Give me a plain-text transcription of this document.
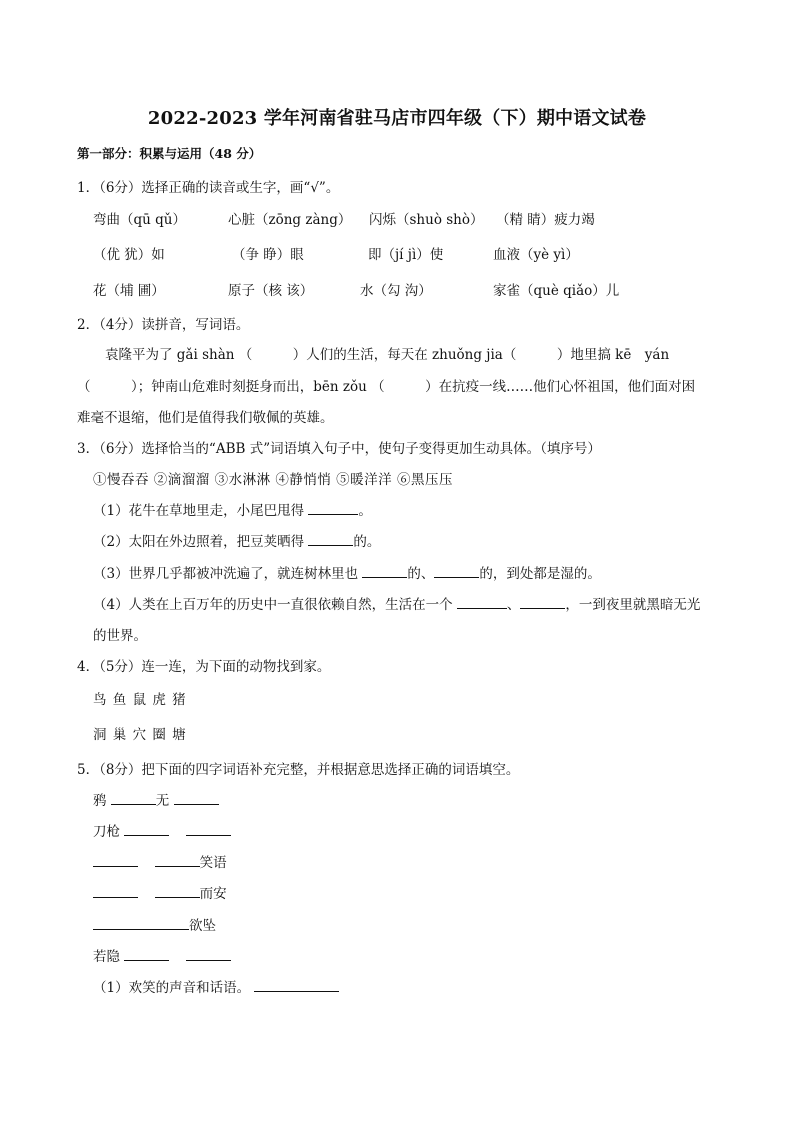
2022-2023 学年河南省驻马店市四年级（下）期中语文试卷
第一部分：积累与运用（48 分）
1．（6分）选择正确的读音或生字，画“√”。
弯曲（qū qǔ）	心脏（zōng zàng） 闪烁（shuò shò） （精 睛）疲力竭
（优 犹）如	（争 睁）眼	即（jí jì）使	血液（yè yì）
花（埔 圃）	原子（核 该）	水（勾 沟）	家雀（què qiǎo）儿
2．（4分）读拼音，写词语。
袁隆平为了 gǎi shàn （　　　）人们的生活，每天在 zhuǒng jia（　　　）地里搞 kē　yán
（　　　）；钟南山危难时刻挺身而出，bēn zǒu （　　　）在抗疫一线……他们心怀祖国，他们面对困
难毫不退缩，他们是值得我们敬佩的英雄。
3．（6分）选择恰当的“ABB 式”词语填入句子中，使句子变得更加生动具体。（填序号）
①慢吞吞 ②滴溜溜 ③水淋淋 ④静悄悄 ⑤暖洋洋 ⑥黑压压
（1）花牛在草地里走，小尾巴甩得	。
（2）太阳在外边照着，把豆荚晒得	的。
（3）世界几乎都被冲洗遍了，就连树林里也	的、	的，到处都是湿的。
（4）人类在上百万年的历史中一直很依赖自然，生活在一个	、	，一到夜里就黑暗无光
的世界。
4．（5分）连一连，为下面的动物找到家。
鸟 鱼 鼠 虎 猪
洞 巢 穴 圈 塘
5．（8分）把下面的四字词语补充完整，并根据意思选择正确的词语填空。
鸦	无
刀枪
笑语
而安
欲坠
若隐
（1）欢笑的声音和话语。
